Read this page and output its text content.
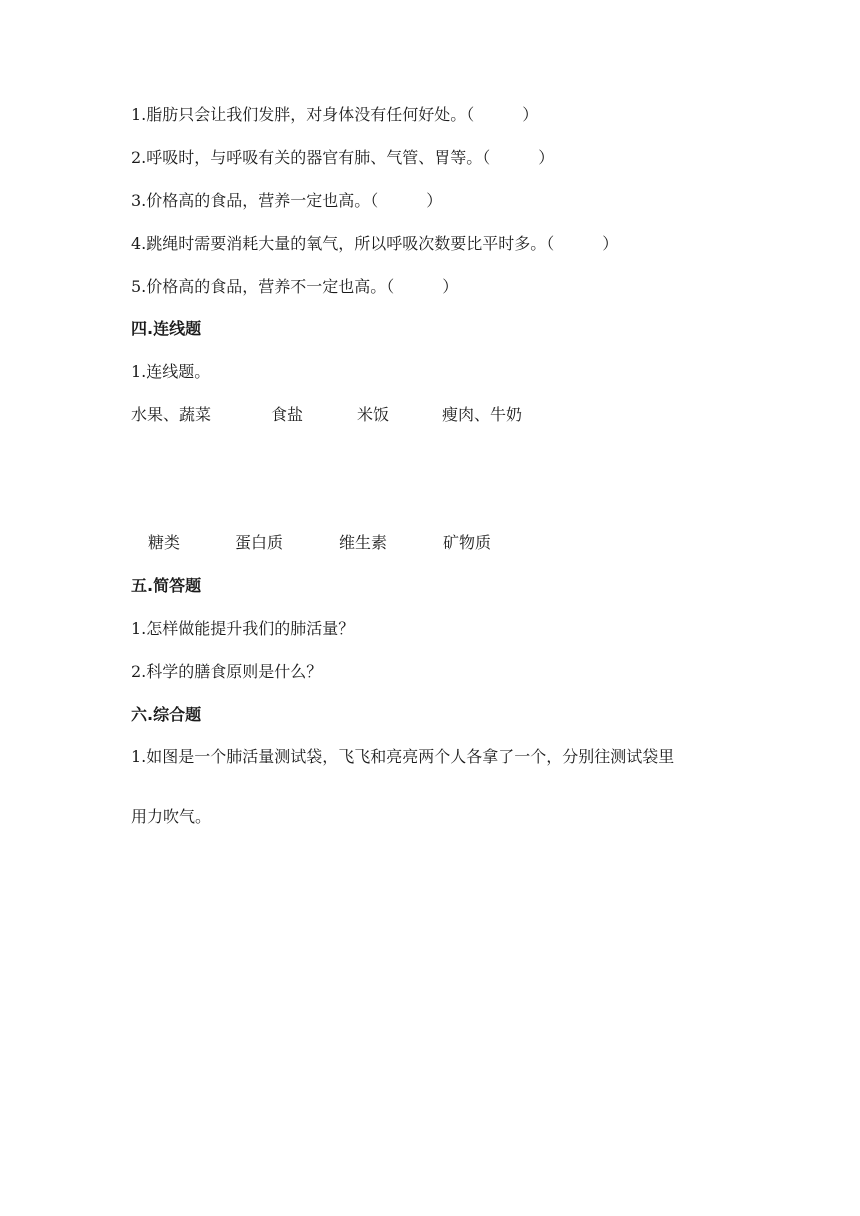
1.脂肪只会让我们发胖，对身体没有任何好处。（　　　）
2.呼吸时，与呼吸有关的器官有肺、气管、胃等。（　　　）
3.价格高的食品，营养一定也高。（　　　）
4.跳绳时需要消耗大量的氧气，所以呼吸次数要比平时多。（　　　）
5.价格高的食品，营养不一定也高。（　　　）
四.连线题
1.连线题。
水果、蔬菜	食盐	米饭	瘦肉、牛奶
糖类	蛋白质	维生素	矿物质
五.简答题
1.怎样做能提升我们的肺活量？
2.科学的膳食原则是什么？
六.综合题
1.如图是一个肺活量测试袋，飞飞和亮亮两个人各拿了一个，分别往测试袋里
用力吹气。
